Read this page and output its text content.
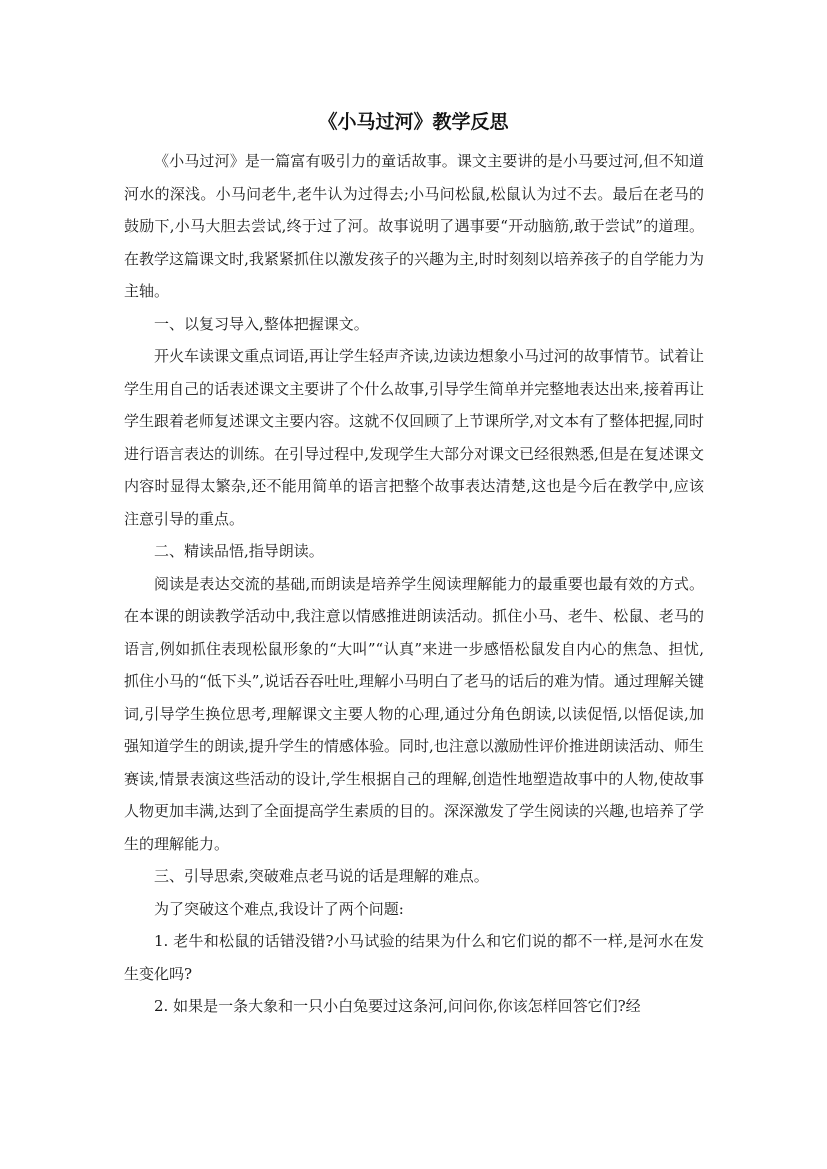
《小马过河》教学反思

《小马过河》是一篇富有吸引力的童话故事。课文主要讲的是小马要过河,但不知道河水的深浅。小马问老牛,老牛认为过得去;小马问松鼠,松鼠认为过不去。最后在老马的鼓励下,小马大胆去尝试,终于过了河。故事说明了遇事要“开动脑筋,敢于尝试”的道理。在教学这篇课文时,我紧紧抓住以激发孩子的兴趣为主,时时刻刻以培养孩子的自学能力为主轴。

一、以复习导入,整体把握课文。

开火车读课文重点词语,再让学生轻声齐读,边读边想象小马过河的故事情节。试着让学生用自己的话表述课文主要讲了个什么故事,引导学生简单并完整地表达出来,接着再让学生跟着老师复述课文主要内容。这就不仅回顾了上节课所学,对文本有了整体把握,同时进行语言表达的训练。在引导过程中,发现学生大部分对课文已经很熟悉,但是在复述课文内容时显得太繁杂,还不能用简单的语言把整个故事表达清楚,这也是今后在教学中,应该注意引导的重点。

二、精读品悟,指导朗读。

阅读是表达交流的基础,而朗读是培养学生阅读理解能力的最重要也最有效的方式。在本课的朗读教学活动中,我注意以情感推进朗读活动。抓住小马、老牛、松鼠、老马的语言,例如抓住表现松鼠形象的“大叫”“认真”来进一步感悟松鼠发自内心的焦急、担忧,抓住小马的“低下头”,说话吞吞吐吐,理解小马明白了老马的话后的难为情。通过理解关键词,引导学生换位思考,理解课文主要人物的心理,通过分角色朗读,以读促悟,以悟促读,加强知道学生的朗读,提升学生的情感体验。同时,也注意以激励性评价推进朗读活动、师生赛读,情景表演这些活动的设计,学生根据自己的理解,创造性地塑造故事中的人物,使故事人物更加丰满,达到了全面提高学生素质的目的。深深激发了学生阅读的兴趣,也培养了学生的理解能力。

三、引导思索,突破难点老马说的话是理解的难点。

为了突破这个难点,我设计了两个问题:

1. 老牛和松鼠的话错没错?小马试验的结果为什么和它们说的都不一样,是河水在发生变化吗?

2. 如果是一条大象和一只小白兔要过这条河,问问你,你该怎样回答它们?经
